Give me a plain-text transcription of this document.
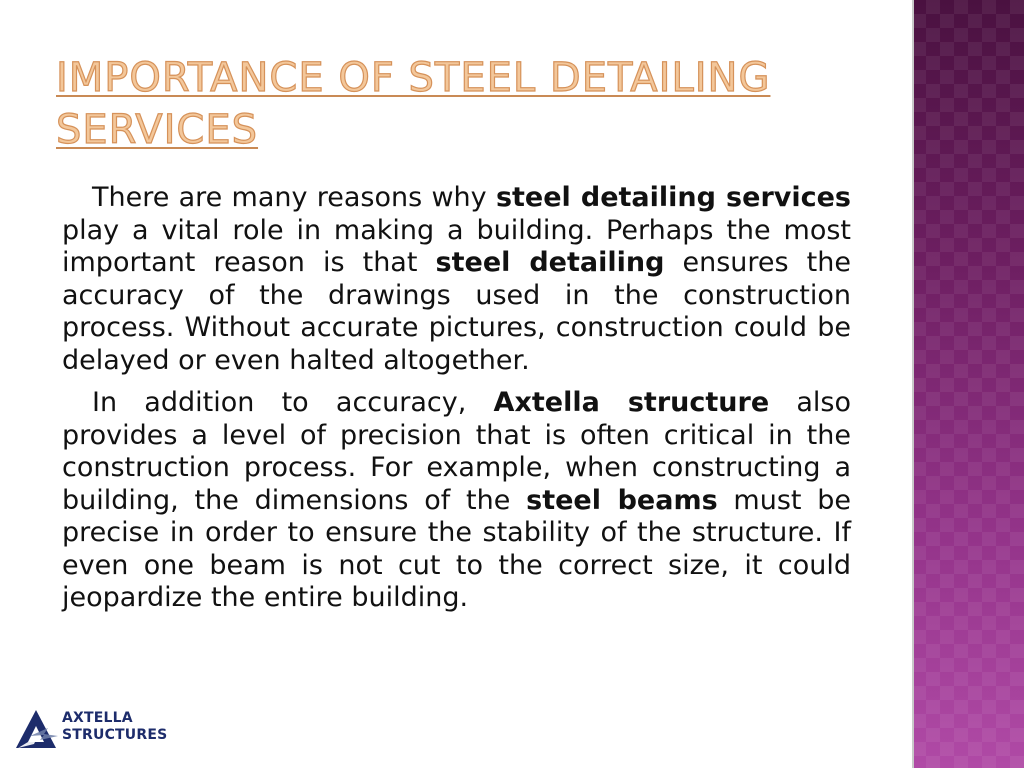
IMPORTANCE OF STEEL DETAILING SERVICES

There are many reasons why steel detailing services play a vital role in making a building. Perhaps the most important reason is that steel detailing ensures the accuracy of the drawings used in the construction process. Without accurate pictures, construction could be delayed or even halted altogether.

In addition to accuracy, Axtella structure also provides a level of precision that is often critical in the construction process. For example, when constructing a building, the dimensions of the steel beams must be precise in order to ensure the stability of the structure. If even one beam is not cut to the correct size, it could jeopardize the entire building.

AXTELLA
STRUCTURES
